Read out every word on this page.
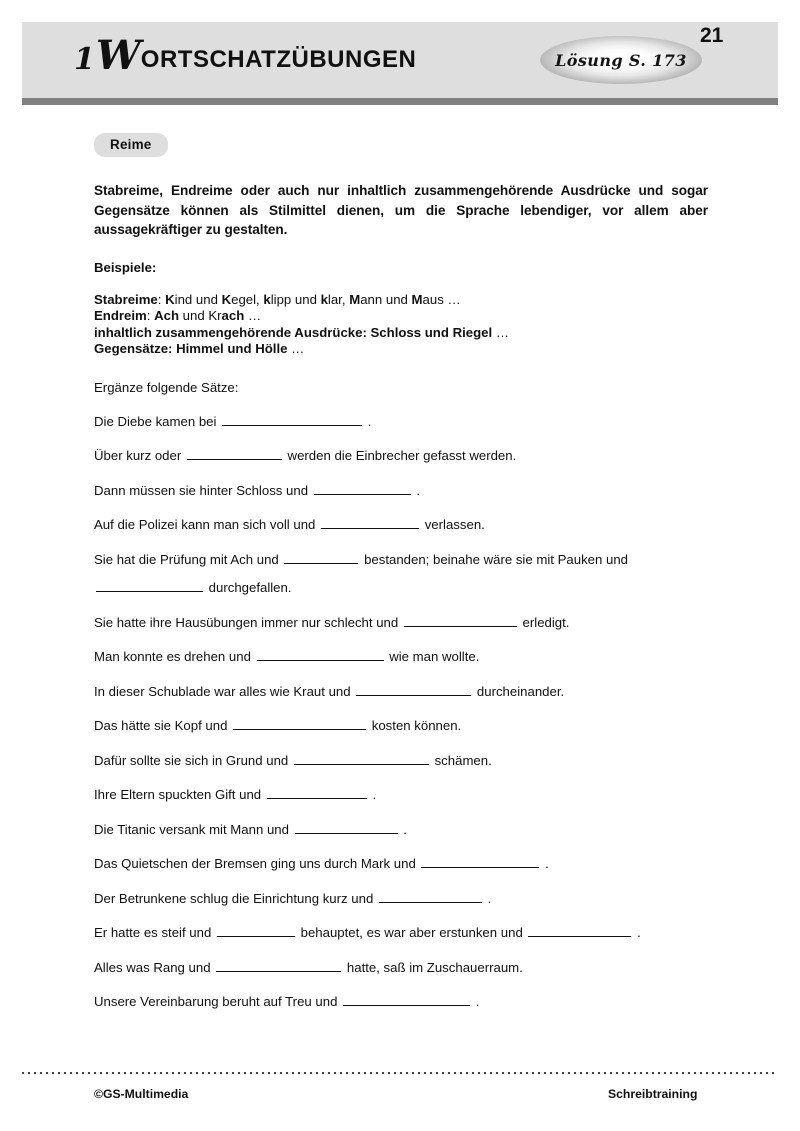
1WORTSCHATZÜBUNGEN	Lösung S. 173
21
Reime

Stabreime, Endreime oder auch nur inhaltlich zusammengehörende Ausdrücke und sogar Gegensätze können als Stilmittel dienen, um die Sprache lebendiger, vor allem aber aussagekräftiger zu gestalten.

Beispiele:

Stabreime: Kind und Kegel, klipp und klar, Mann und Maus …
Endreim: Ach und Krach …
inhaltlich zusammengehörende Ausdrücke: Schloss und Riegel …
Gegensätze: Himmel und Hölle …

Ergänze folgende Sätze:

Die Diebe kamen bei	.
Über kurz oder	werden die Einbrecher gefasst werden.
Dann müssen sie hinter Schloss und	.
Auf die Polizei kann man sich voll und	verlassen.
Sie hat die Prüfung mit Ach und	bestanden; beinahe wäre sie mit Pauken und
durchgefallen.
Sie hatte ihre Hausübungen immer nur schlecht und	erledigt.
Man konnte es drehen und	wie man wollte.
In dieser Schublade war alles wie Kraut und	durcheinander.
Das hätte sie Kopf und	kosten können.
Dafür sollte sie sich in Grund und	schämen.
Ihre Eltern spuckten Gift und	.
Die Titanic versank mit Mann und	.
Das Quietschen der Bremsen ging uns durch Mark und	.
Der Betrunkene schlug die Einrichtung kurz und	.
Er hatte es steif und	behauptet, es war aber erstunken und	.
Alles was Rang und	hatte, saß im Zuschauerraum.
Unsere Vereinbarung beruht auf Treu und	.
©GS-Multimedia	Schreibtraining
